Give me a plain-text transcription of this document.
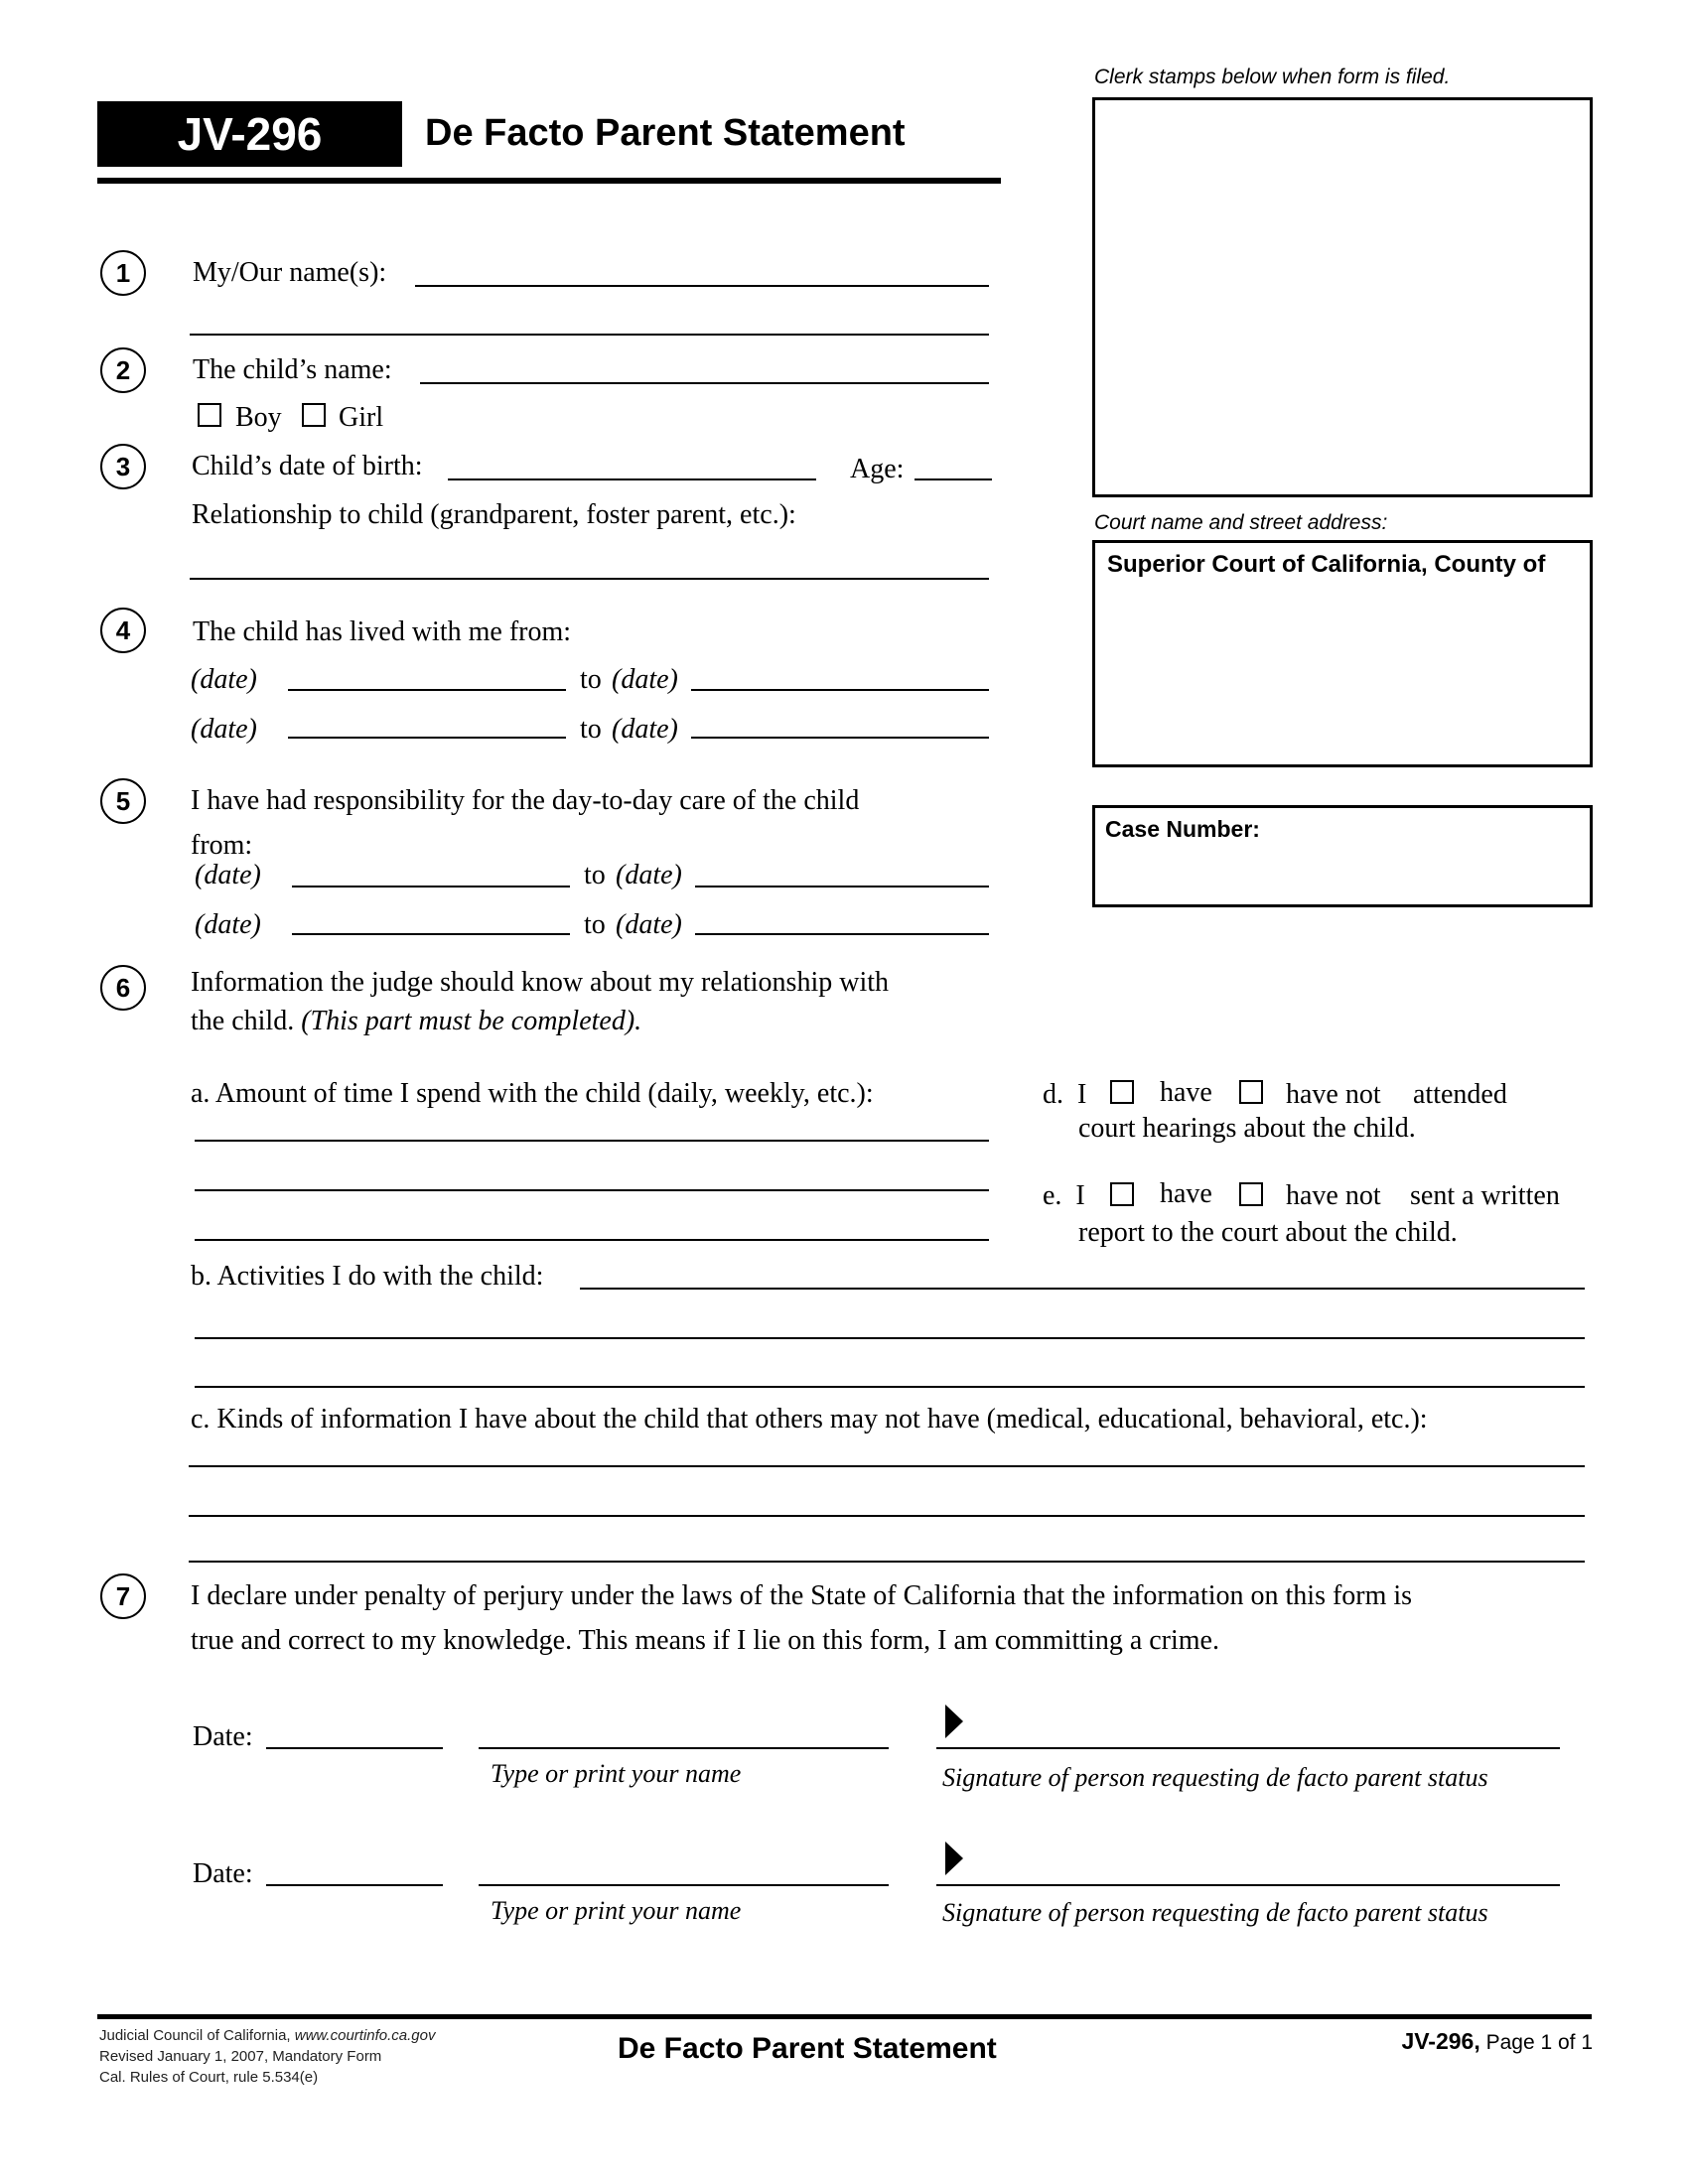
JV-296	De Facto Parent Statement
Clerk stamps below when form is filed.
Court name and street address:
Superior Court of California, County of
Case Number:
1 My/Our name(s):
2 The child’s name:
Boy Girl
3 Child’s date of birth:	Age:
Relationship to child (grandparent, foster parent, etc.):
4 The child has lived with me from:
(date)	to (date)
(date)	to (date)
5 I have had responsibility for the day-to-day care of the child
from:
(date)	to (date)
(date)	to (date)
6 Information the judge should know about my relationship with
the child. (This part must be completed).
a. Amount of time I spend with the child (daily, weekly, etc.):	d.  I	have	have not attended
court hearings about the child.
e.  I	have	have not sent a written
report to the court about the child.
b. Activities I do with the child:
c. Kinds of information I have about the child that others may not have (medical, educational, behavioral, etc.):
7 I declare under penalty of perjury under the laws of the State of California that the information on this form is
true and correct to my knowledge. This means if I lie on this form, I am committing a crime.
Date:
Type or print your name	Signature of person requesting de facto parent status
Date:
Type or print your name	Signature of person requesting de facto parent status
Judicial Council of California, www.courtinfo.ca.gov
Revised January 1, 2007, Mandatory Form
Cal. Rules of Court, rule 5.534(e)
De Facto Parent Statement	JV-296, Page 1 of 1
